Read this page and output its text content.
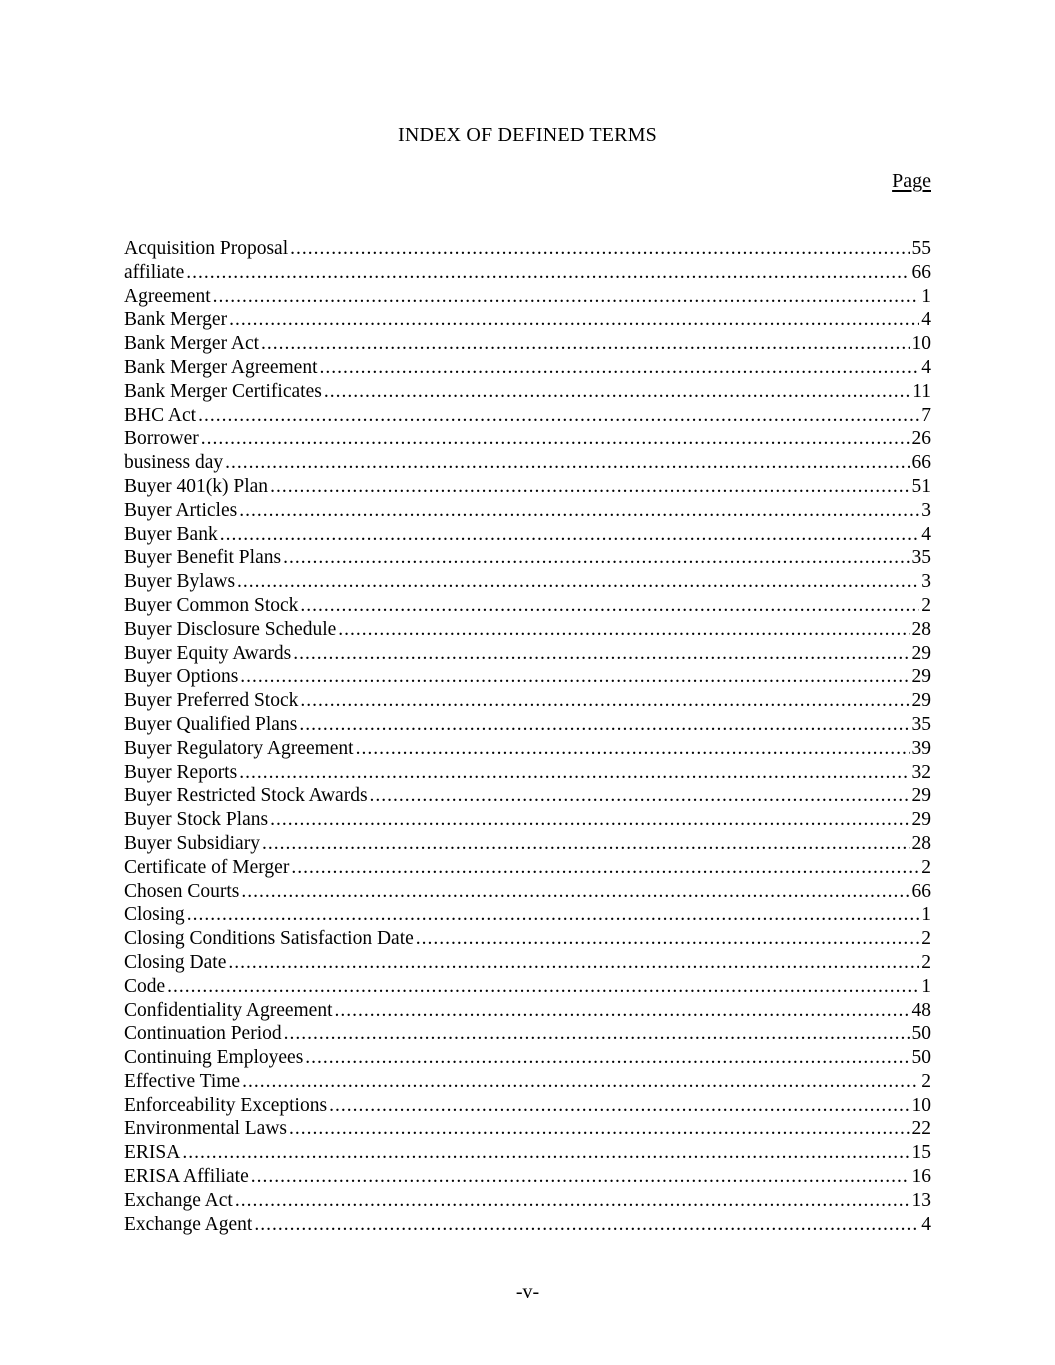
INDEX OF DEFINED TERMS
Page
Acquisition Proposal .....	55
affiliate .....	66
Agreement .....	1
Bank Merger .....	4
Bank Merger Act .....	10
Bank Merger Agreement .....	4
Bank Merger Certificates .....	11
BHC Act .....	7
Borrower .....	26
business day .....	66
Buyer 401(k) Plan .....	51
Buyer Articles .....	3
Buyer Bank .....	4
Buyer Benefit Plans .....	35
Buyer Bylaws .....	3
Buyer Common Stock .....	2
Buyer Disclosure Schedule .....	28
Buyer Equity Awards .....	29
Buyer Options .....	29
Buyer Preferred Stock .....	29
Buyer Qualified Plans .....	35
Buyer Regulatory Agreement .....	39
Buyer Reports .....	32
Buyer Restricted Stock Awards .....	29
Buyer Stock Plans .....	29
Buyer Subsidiary .....	28
Certificate of Merger .....	2
Chosen Courts .....	66
Closing .....	1
Closing Conditions Satisfaction Date .....	2
Closing Date .....	2
Code .....	1
Confidentiality Agreement .....	48
Continuation Period .....	50
Continuing Employees .....	50
Effective Time .....	2
Enforceability Exceptions .....	10
Environmental Laws .....	22
ERISA .....	15
ERISA Affiliate .....	16
Exchange Act .....	13
Exchange Agent .....	4
-v-
